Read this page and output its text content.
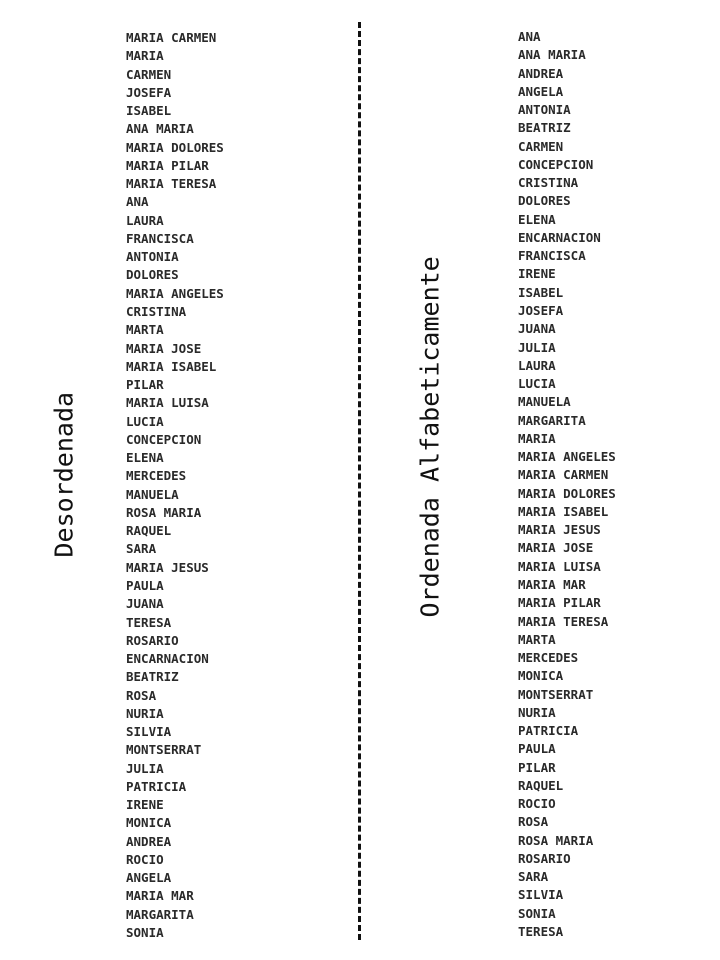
Desordenada
MARIA CARMEN
MARIA
CARMEN
JOSEFA
ISABEL
ANA MARIA
MARIA DOLORES
MARIA PILAR
MARIA TERESA
ANA
LAURA
FRANCISCA
ANTONIA
DOLORES
MARIA ANGELES
CRISTINA
MARTA
MARIA JOSE
MARIA ISABEL
PILAR
MARIA LUISA
LUCIA
CONCEPCION
ELENA
MERCEDES
MANUELA
ROSA MARIA
RAQUEL
SARA
MARIA JESUS
PAULA
JUANA
TERESA
ROSARIO
ENCARNACION
BEATRIZ
ROSA
NURIA
SILVIA
MONTSERRAT
JULIA
PATRICIA
IRENE
MONICA
ANDREA
ROCIO
ANGELA
MARIA MAR
MARGARITA
SONIA
Ordenada Alfabeticamente
ANA
ANA MARIA
ANDREA
ANGELA
ANTONIA
BEATRIZ
CARMEN
CONCEPCION
CRISTINA
DOLORES
ELENA
ENCARNACION
FRANCISCA
IRENE
ISABEL
JOSEFA
JUANA
JULIA
LAURA
LUCIA
MANUELA
MARGARITA
MARIA
MARIA ANGELES
MARIA CARMEN
MARIA DOLORES
MARIA ISABEL
MARIA JESUS
MARIA JOSE
MARIA LUISA
MARIA MAR
MARIA PILAR
MARIA TERESA
MARTA
MERCEDES
MONICA
MONTSERRAT
NURIA
PATRICIA
PAULA
PILAR
RAQUEL
ROCIO
ROSA
ROSA MARIA
ROSARIO
SARA
SILVIA
SONIA
TERESA
